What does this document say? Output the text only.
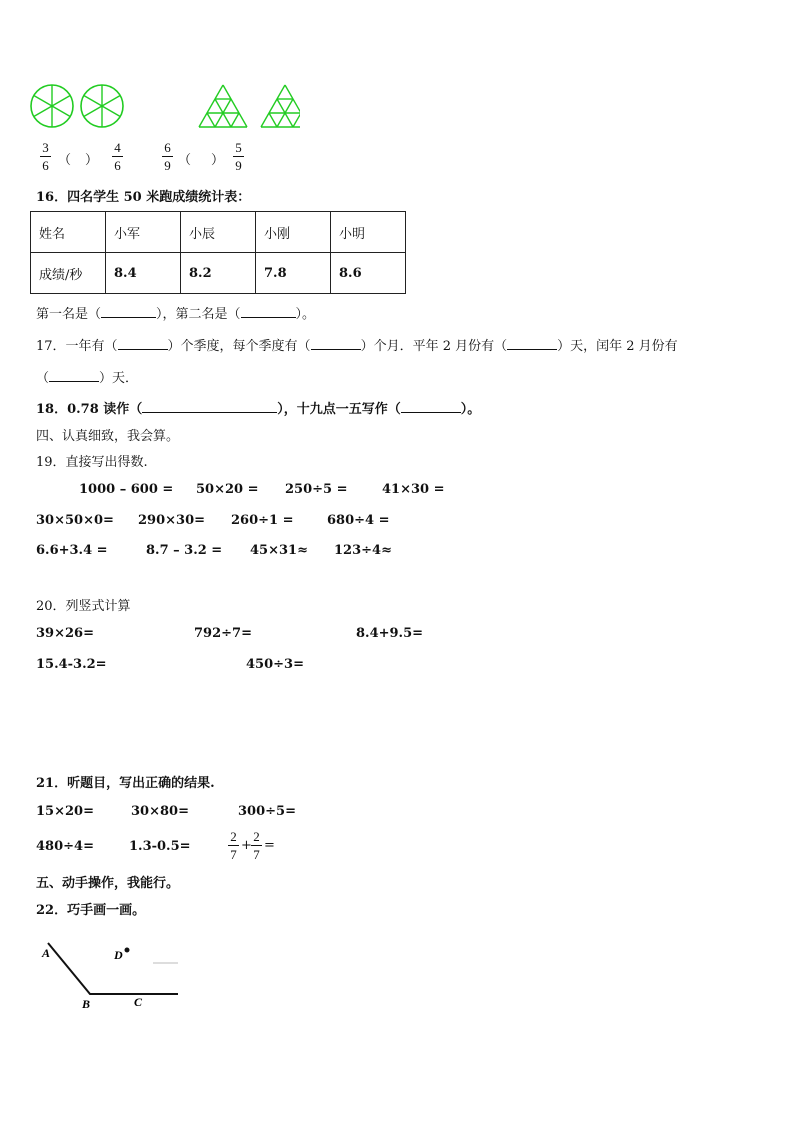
3
6 （ ）
4
6
6
9 （ ）
5
9
16．四名学生 50 米跑成绩统计表：
姓名	小军	小辰	小刚	小明
成绩/秒	8.4	8.2	7.8	8.6
第一名是（	），第二名是（	）。
17．一年有（	）个季度，每个季度有（	）个月．平年 2 月份有（	）天，闰年 2 月份有
（	）天．
18．0.78 读作（	），十九点一五写作（	）。
四、认真细致，我会算。
19．直接写出得数.
1000 – 600 = 50×20 = 250÷5 =	41×30 =
30×50×0= 290×30= 260÷1 =	680÷4 =
6.6+3.4 =	8.7 – 3.2 = 45×31≈ 123÷4≈
20．列竖式计算
39×26=	792÷7=	8.4+9.5=
15.4-3.2=	450÷3=
21．听题目，写出正确的结果.
15×20=	30×80=	300÷5=
480÷4=	1.3-0.5=
2
7
+
2
7
=
五、动手操作，我能行。
22．巧手画一画。
A
B	C
D
